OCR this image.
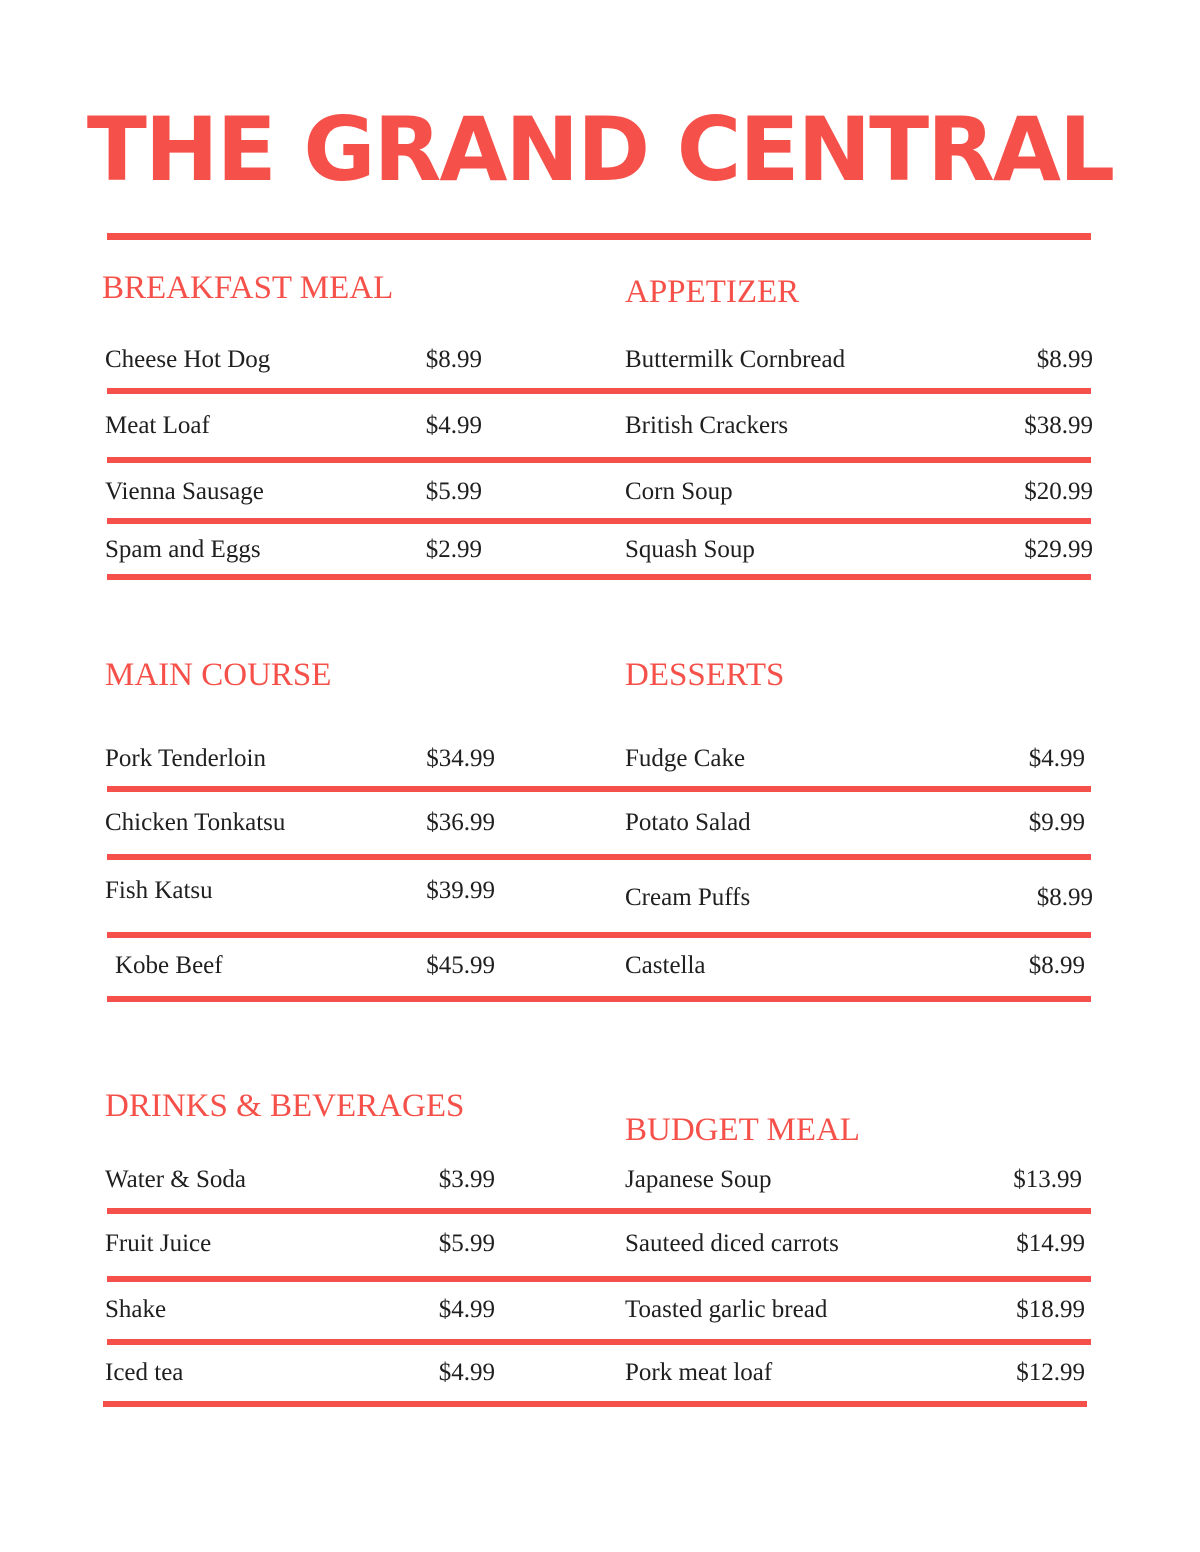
THE GRAND CENTRAL
BREAKFAST MEAL
Cheese Hot Dog	$8.99
Meat Loaf	$4.99
Vienna Sausage	$5.99
Spam and Eggs	$2.99
APPETIZER
Buttermilk Cornbread	$8.99
British Crackers	$38.99
Corn Soup	$20.99
Squash Soup	$29.99
MAIN COURSE
Pork Tenderloin	$34.99
Chicken Tonkatsu	$36.99
Fish Katsu	$39.99
Kobe Beef	$45.99
DESSERTS
Fudge Cake	$4.99
Potato Salad	$9.99
Cream Puffs	$8.99
Castella	$8.99
DRINKS & BEVERAGES
Water & Soda	$3.99
Fruit Juice	$5.99
Shake	$4.99
Iced tea	$4.99
BUDGET MEAL
Japanese Soup	$13.99
Sauteed diced carrots	$14.99
Toasted garlic bread	$18.99
Pork meat loaf	$12.99
